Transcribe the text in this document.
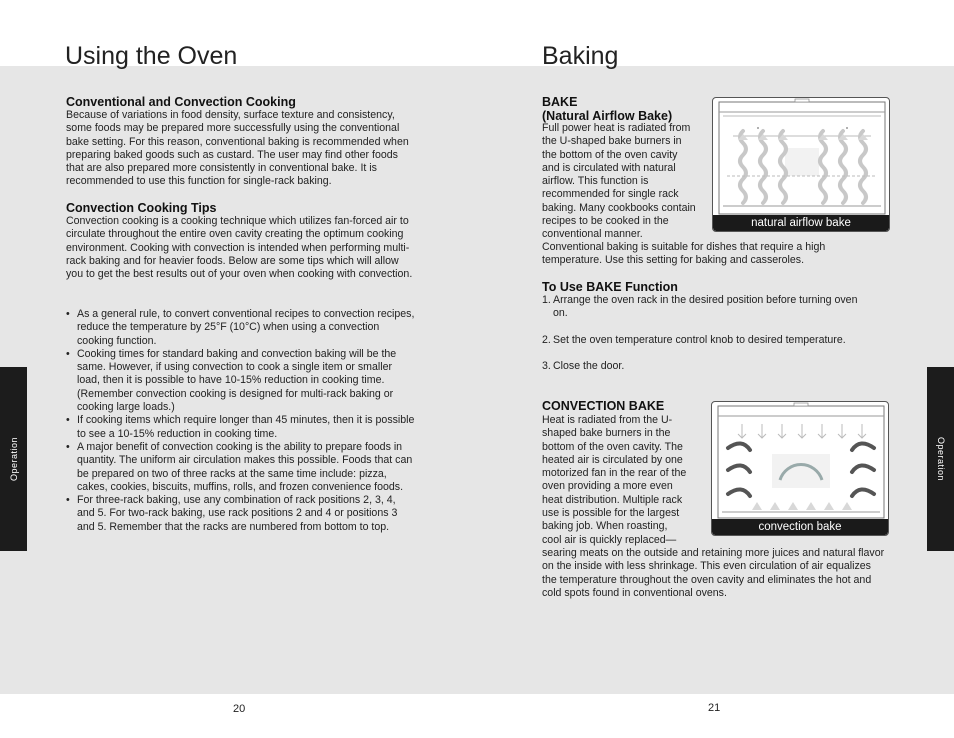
Using the Oven
Conventional and Convection Cooking
Because of variations in food density, surface texture and consistency, some foods may be prepared more successfully using the conventional bake setting. For this reason, conventional baking is recommended when preparing baked goods such as custard. The user may find other foods that are also prepared more consistently in conventional bake. It is recommended to use this function for single-rack baking.
Convection Cooking Tips
Convection cooking is a cooking technique which utilizes fan-forced air to circulate throughout the entire oven cavity creating the optimum cooking environment. Cooking with convection is intended when performing multi-rack baking and for heavier foods. Below are some tips which will allow you to get the best results out of your oven when cooking with convection.
• As a general rule, to convert conventional recipes to convection recipes, reduce the temperature by 25°F (10°C) when using a convection cooking function.
• Cooking times for standard baking and convection baking will be the same. However, if using convection to cook a single item or smaller load, then it is possible to have 10-15% reduction in cooking time. (Remember convection cooking is designed for multi-rack baking or cooking large loads.)
• If cooking items which require longer than 45 minutes, then it is possible to see a 10-15% reduction in cooking time.
• A major benefit of convection cooking is the ability to prepare foods in quantity. The uniform air circulation makes this possible. Foods that can be prepared on two of three racks at the same time include: pizza, cakes, cookies, biscuits, muffins, rolls, and frozen convenience foods.
• For three-rack baking, use any combination of rack positions 2, 3, 4, and 5. For two-rack baking, use rack positions 2 and 4 or positions 3 and 5. Remember that the racks are numbered from bottom to top.
Operation
20
Baking
BAKE
(Natural Airflow Bake)

Full power heat is radiated from

the U-shaped bake burners in

the bottom of the oven cavity

and is circulated with natural

airflow. This function is

recommended for single rack

baking. Many cookbooks contain

recipes to be cooked in the

conventional manner.

Conventional baking is suitable for dishes that require a high temperature. Use this setting for baking and casseroles.
natural airflow bake
To Use BAKE Function
1. Arrange the oven rack in the desired position before turning oven on.
2. Set the oven temperature control knob to desired temperature.
3. Close the door.
CONVECTION BAKE

Heat is radiated from the U-

shaped bake burners in the

bottom of the oven cavity. The

heated air is circulated by one

motorized fan in the rear of the

oven providing a more even

heat distribution. Multiple rack

use is possible for the largest

baking job. When roasting,

cool air is quickly replaced—

searing meats on the outside and retaining more juices and natural flavor on the inside with less shrinkage. This even circulation of air equalizes the temperature throughout the oven cavity and eliminates the hot and cold spots found in conventional ovens.
convection bake
Operation
21
